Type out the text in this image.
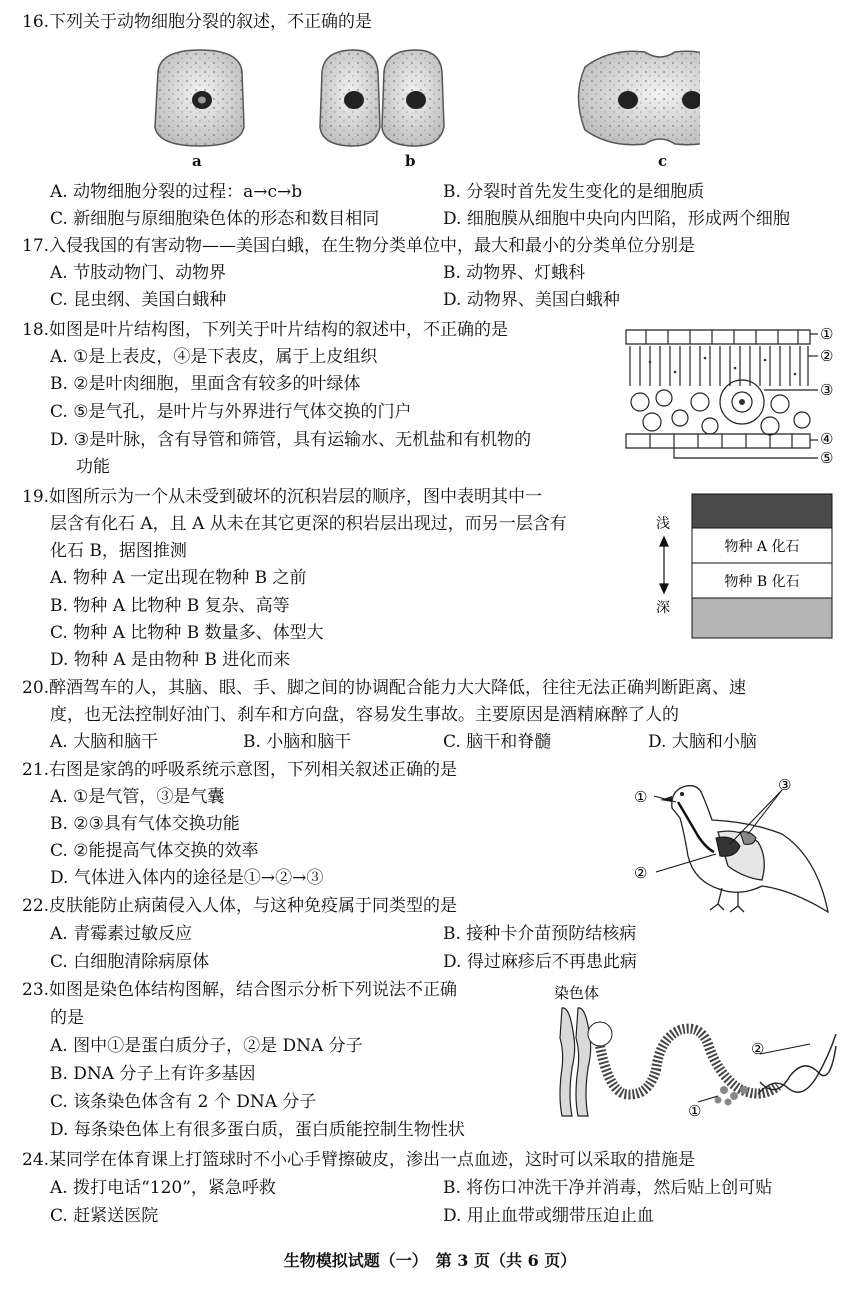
16.下列关于动物细胞分裂的叙述，不正确的是
a	b	c
A. 动物细胞分裂的过程：a→c→b	B. 分裂时首先发生变化的是细胞质
C. 新细胞与原细胞染色体的形态和数目相同	D. 细胞膜从细胞中央向内凹陷，形成两个细胞
17.入侵我国的有害动物——美国白蛾，在生物分类单位中，最大和最小的分类单位分别是
A. 节肢动物门、动物界	B. 动物界、灯蛾科
C. 昆虫纲、美国白蛾种	D. 动物界、美国白蛾种
18.如图是叶片结构图，下列关于叶片结构的叙述中，不正确的是
A. ①是上表皮，④是下表皮，属于上皮组织
B. ②是叶肉细胞，里面含有较多的叶绿体
C. ⑤是气孔，是叶片与外界进行气体交换的门户
D. ③是叶脉，含有导管和筛管，具有运输水、无机盐和有机物的
功能
①
②
③
④
⑤
19.如图所示为一个从未受到破坏的沉积岩层的顺序，图中表明其中一
层含有化石 A，且 A 从未在其它更深的积岩层出现过，而另一层含有
化石 B，据图推测
A. 物种 A 一定出现在物种 B 之前
B. 物种 A 比物种 B 复杂、高等
C. 物种 A 比物种 B 数量多、体型大
D. 物种 A 是由物种 B 进化而来
物种 A 化石
物种 B 化石
浅
深
20.醉酒驾车的人，其脑、眼、手、脚之间的协调配合能力大大降低，往往无法正确判断距离、速
度，也无法控制好油门、刹车和方向盘，容易发生事故。主要原因是酒精麻醉了人的
A. 大脑和脑干	B. 小脑和脑干	C. 脑干和脊髓	D. 大脑和小脑
21.右图是家鸽的呼吸系统示意图，下列相关叙述正确的是
A. ①是气管，③是气囊
B. ②③具有气体交换功能
C. ②能提高气体交换的效率
D. 气体进入体内的途径是①→②→③
①
②
③
22.皮肤能防止病菌侵入人体，与这种免疫属于同类型的是
A. 青霉素过敏反应	B. 接种卡介苗预防结核病
C. 白细胞清除病原体	D. 得过麻疹后不再患此病
23.如图是染色体结构图解，结合图示分析下列说法不正确
的是
A. 图中①是蛋白质分子，②是 DNA 分子
B. DNA 分子上有许多基因
C. 该条染色体含有 2 个 DNA 分子
D. 每条染色体上有很多蛋白质，蛋白质能控制生物性状
染色体
②
①
24.某同学在体育课上打篮球时不小心手臂擦破皮，渗出一点血迹，这时可以采取的措施是
A. 拨打电话“120”，紧急呼救	B. 将伤口冲洗干净并消毒，然后贴上创可贴
C. 赶紧送医院	D. 用止血带或绷带压迫止血
生物模拟试题（一）　第 3 页（共 6 页）
